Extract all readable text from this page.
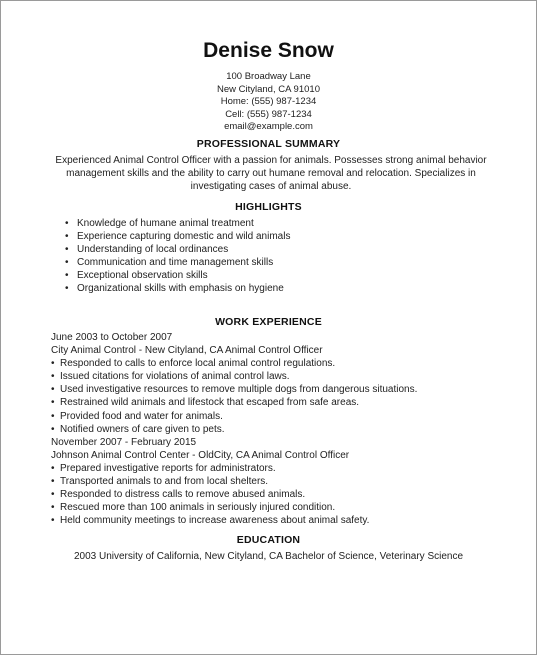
Denise Snow
100 Broadway Lane
New Cityland, CA 91010
Home: (555) 987-1234
Cell: (555) 987-1234
email@example.com
PROFESSIONAL SUMMARY
Experienced Animal Control Officer with a passion for animals. Possesses strong animal behavior management skills and the ability to carry out humane removal and relocation. Specializes in investigating cases of animal abuse.
HIGHLIGHTS
• Knowledge of humane animal treatment
• Experience capturing domestic and wild animals
• Understanding of local ordinances
• Communication and time management skills
• Exceptional observation skills
• Organizational skills with emphasis on hygiene
WORK EXPERIENCE
June 2003 to October 2007
City Animal Control - New Cityland, CA Animal Control Officer
• Responded to calls to enforce local animal control regulations.
• Issued citations for violations of animal control laws.
• Used investigative resources to remove multiple dogs from dangerous situations.
• Restrained wild animals and lifestock that escaped from safe areas.
• Provided food and water for animals.
• Notified owners of care given to pets.
November 2007 - February 2015
Johnson Animal Control Center - OldCity, CA Animal Control Officer
• Prepared investigative reports for administrators.
• Transported animals to and from local shelters.
• Responded to distress calls to remove abused animals.
• Rescued more than 100 animals in seriously injured condition.
• Held community meetings to increase awareness about animal safety.
EDUCATION
2003 University of California, New Cityland, CA Bachelor of Science, Veterinary Science
